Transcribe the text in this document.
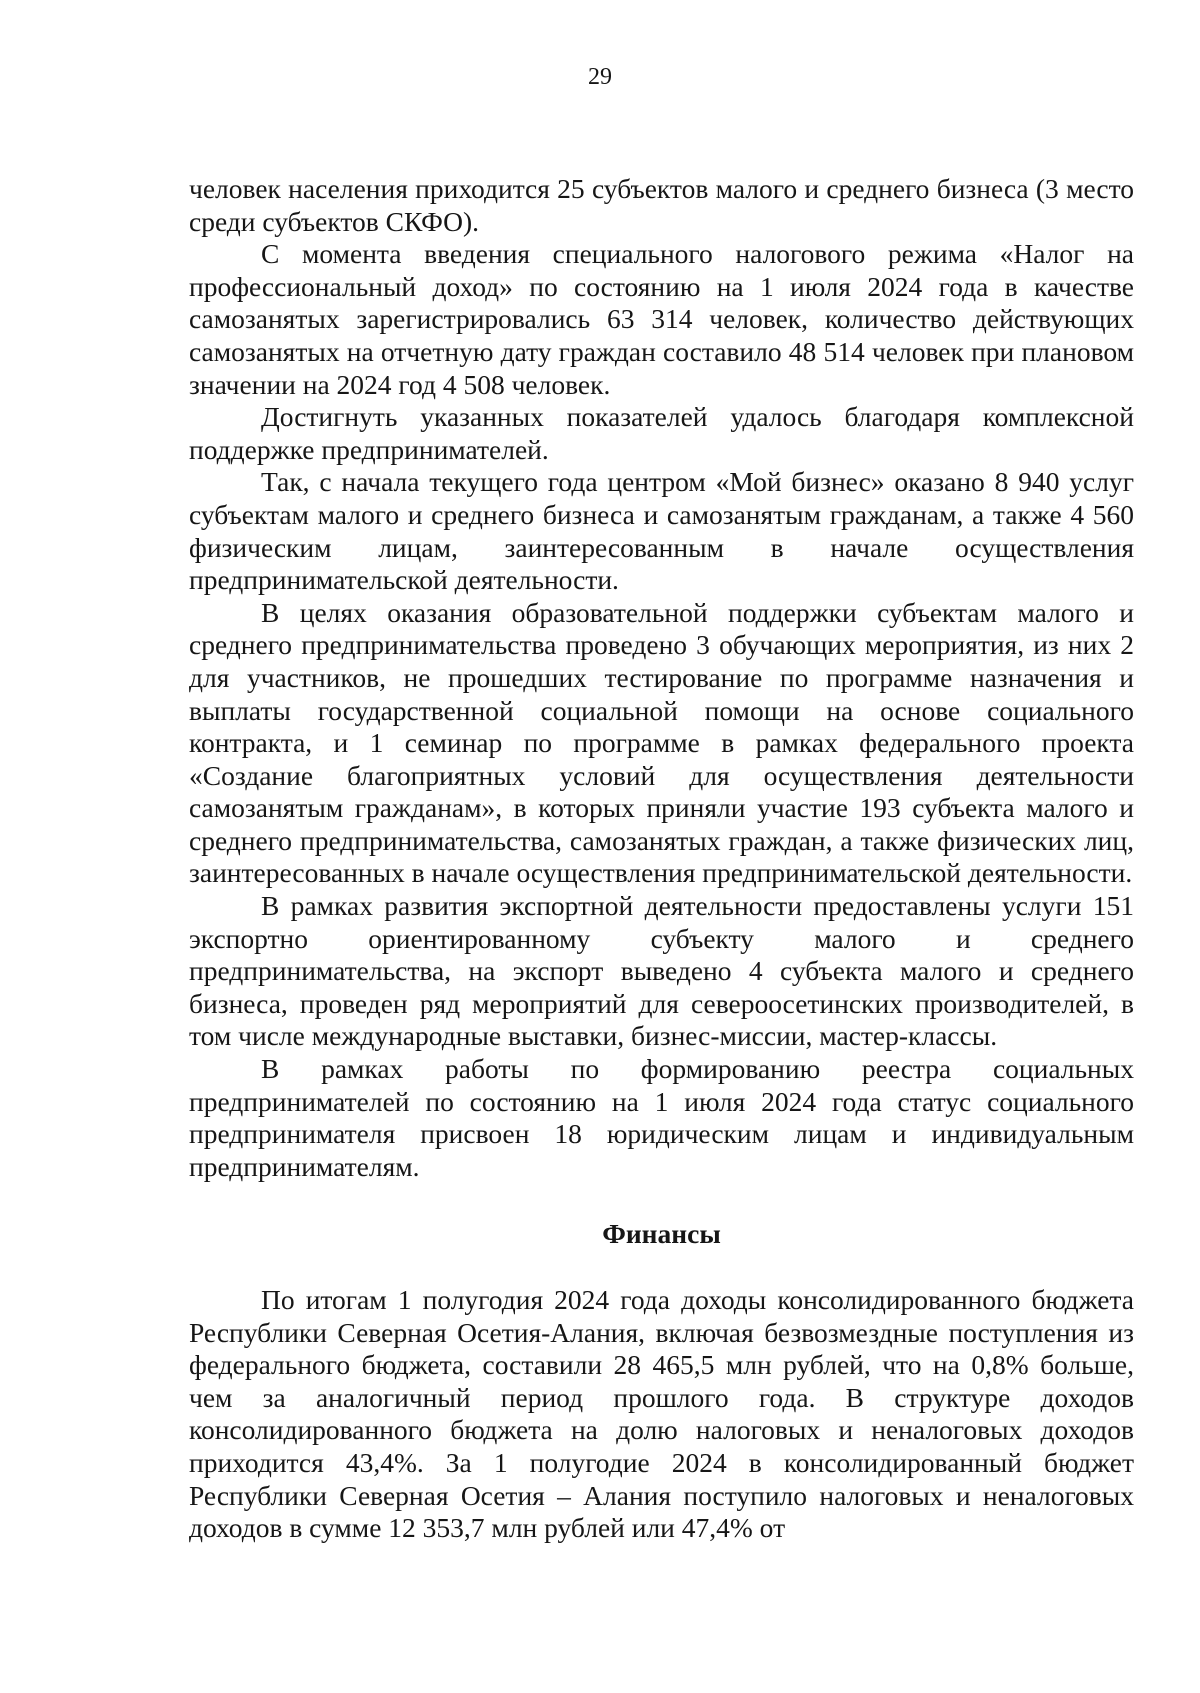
29

человек населения приходится 25 субъектов малого и среднего бизнеса (3 место среди субъектов СКФО).

С момента введения специального налогового режима «Налог на профессиональный доход» по состоянию на 1 июля 2024 года в качестве самозанятых зарегистрировались 63 314 человек, количество действующих самозанятых на отчетную дату граждан составило 48 514 человек при плановом значении на 2024 год 4 508 человек.

Достигнуть указанных показателей удалось благодаря комплексной поддержке предпринимателей.

Так, с начала текущего года центром «Мой бизнес» оказано 8 940 услуг субъектам малого и среднего бизнеса и самозанятым гражданам, а также 4 560 физическим лицам, заинтересованным в начале осуществления предпринимательской деятельности.

В целях оказания образовательной поддержки субъектам малого и среднего предпринимательства проведено 3 обучающих мероприятия, из них 2 для участников, не прошедших тестирование по программе назначения и выплаты государственной социальной помощи на основе социального контракта, и 1 семинар по программе в рамках федерального проекта «Создание благоприятных условий для осуществления деятельности самозанятым гражданам», в которых приняли участие 193 субъекта малого и среднего предпринимательства, самозанятых граждан, а также физических лиц, заинтересованных в начале осуществления предпринимательской деятельности.

В рамках развития экспортной деятельности предоставлены услуги 151 экспортно ориентированному субъекту малого и среднего предпринимательства, на экспорт выведено 4 субъекта малого и среднего бизнеса, проведен ряд мероприятий для североосетинских производителей, в том числе международные выставки, бизнес-миссии, мастер-классы.

В рамках работы по формированию реестра социальных предпринимателей по состоянию на 1 июля 2024 года статус социального предпринимателя присвоен 18 юридическим лицам и индивидуальным предпринимателям.

Финансы

По итогам 1 полугодия 2024 года доходы консолидированного бюджета Республики Северная Осетия-Алания, включая безвозмездные поступления из федерального бюджета, составили 28 465,5 млн рублей, что на 0,8% больше, чем за аналогичный период прошлого года. В структуре доходов консолидированного бюджета на долю налоговых и неналоговых доходов приходится 43,4%. За 1 полугодие 2024 в консолидированный бюджет Республики Северная Осетия – Алания поступило налоговых и неналоговых доходов в сумме 12 353,7 млн рублей или 47,4% от
